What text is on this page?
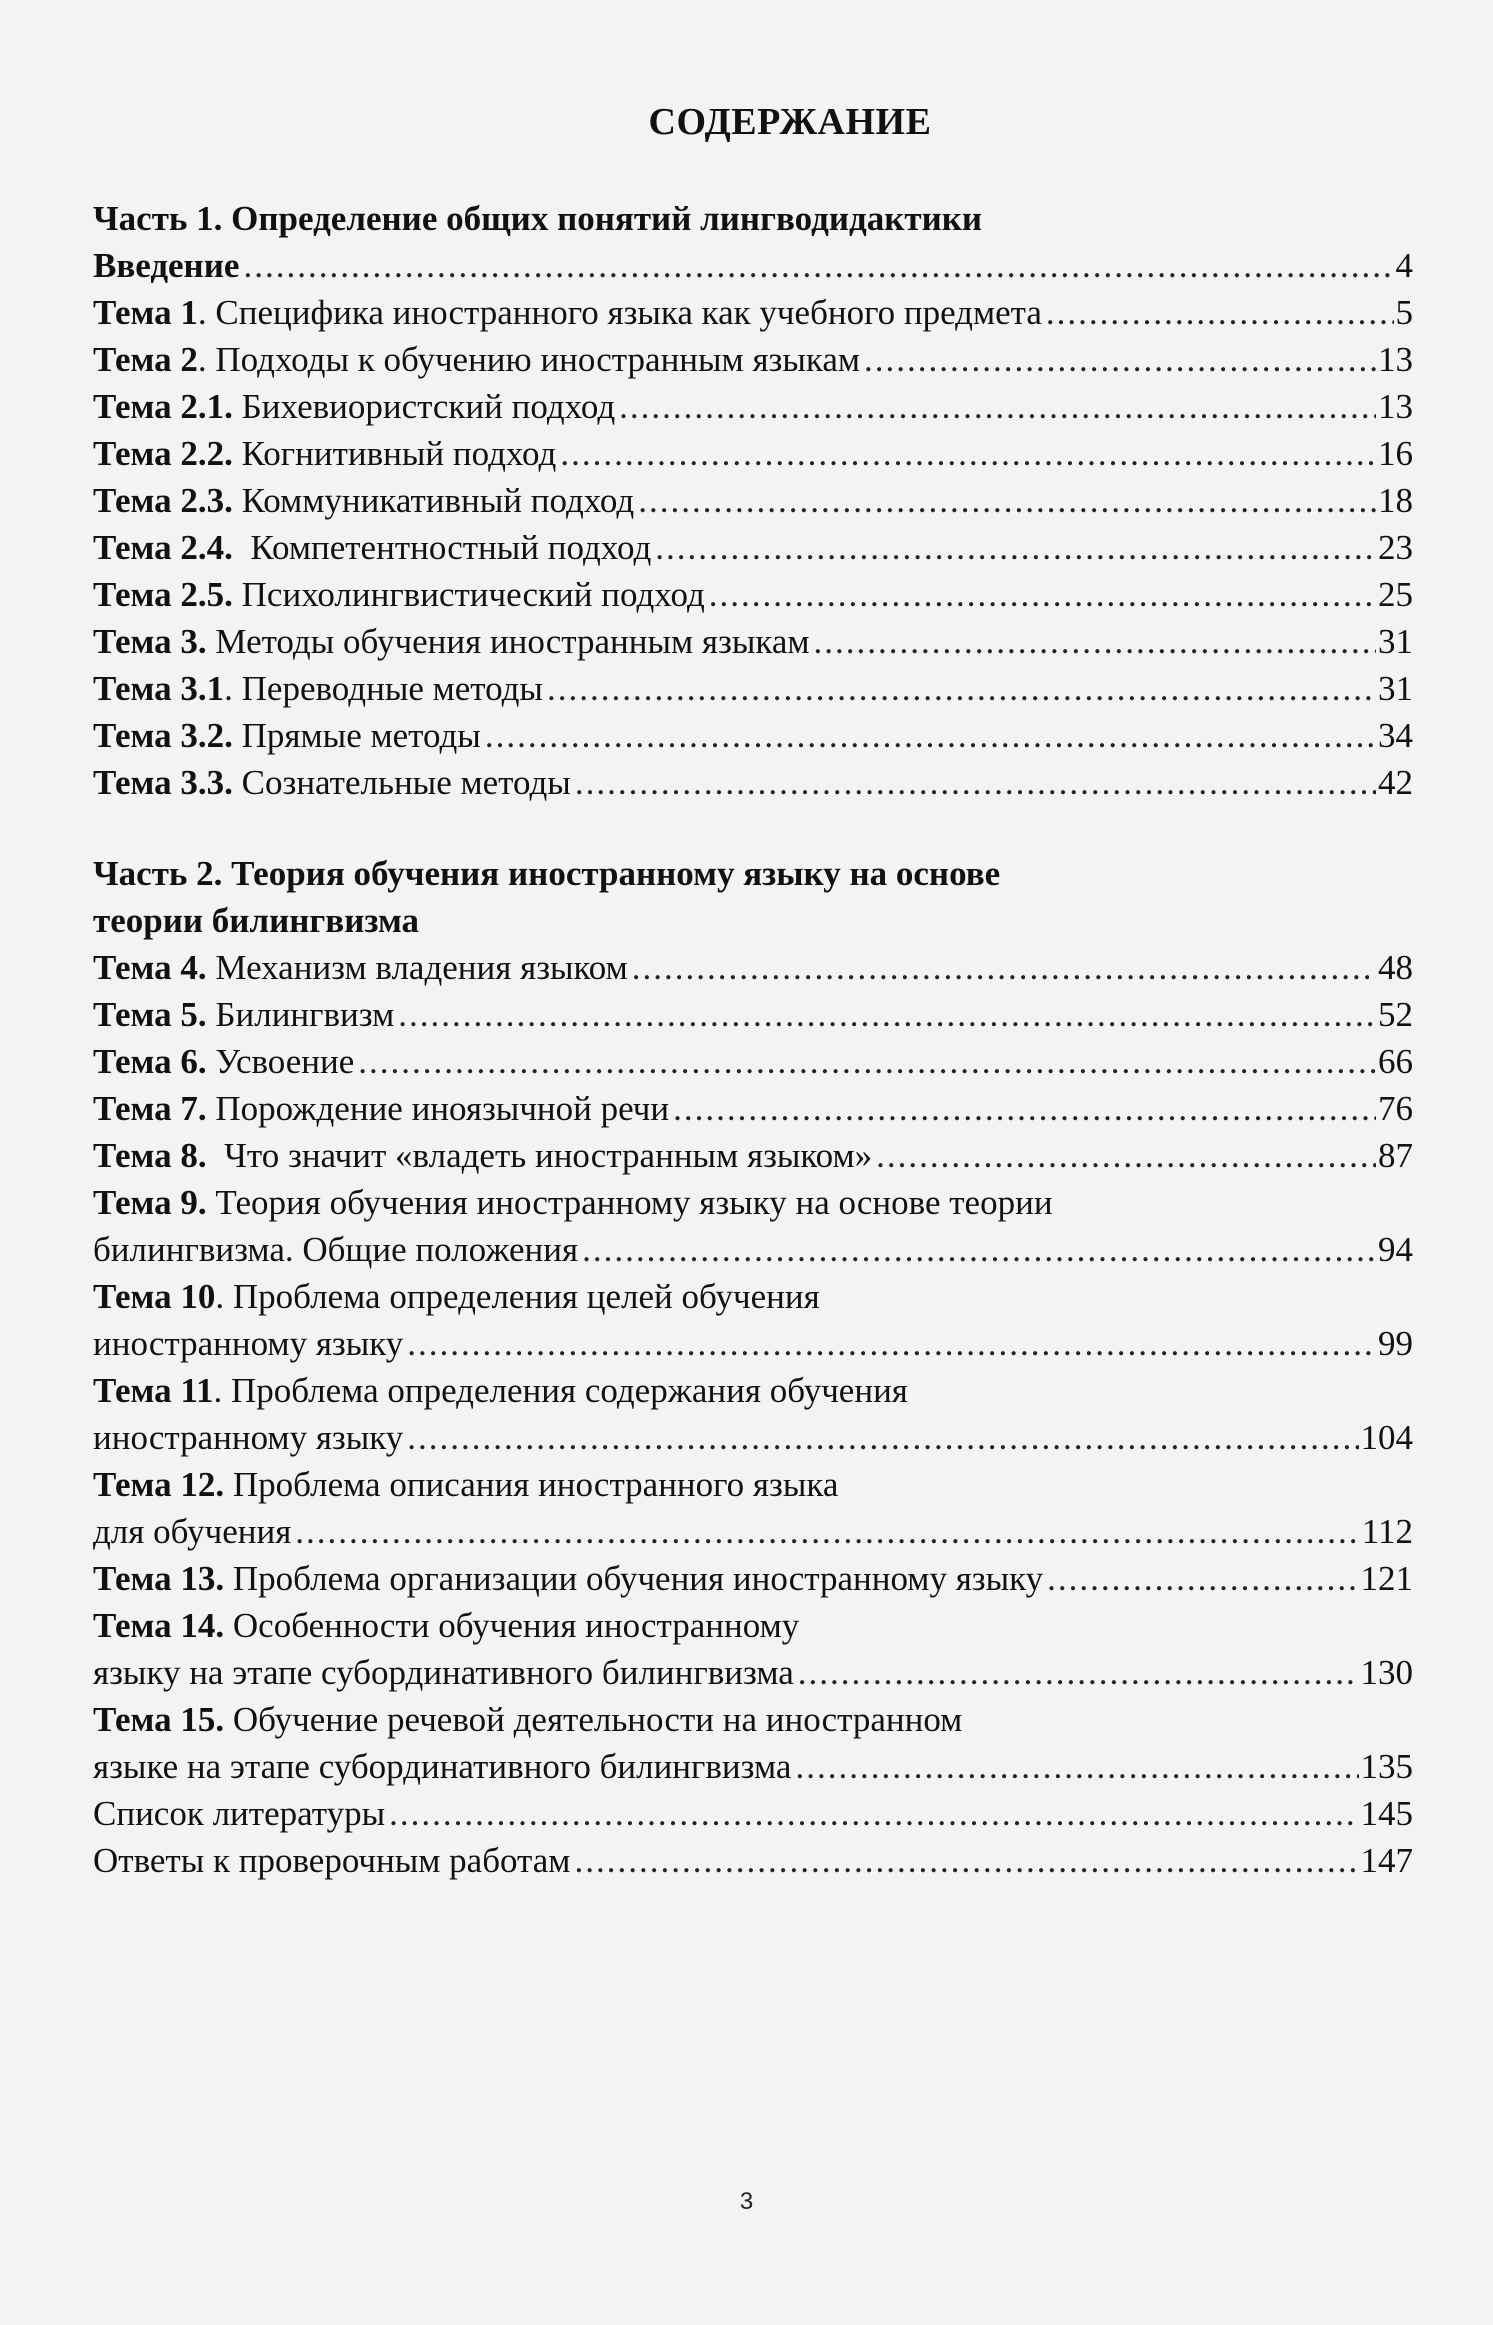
СОДЕРЖАНИЕ
Часть 1. Определение общих понятий лингводидактики
Введение .....	4
Тема 1. Специфика иностранного языка как учебного предмета .....	5
Тема 2. Подходы к обучению иностранным языкам .....	13
Тема 2.1. Бихевиористский подход .....	13
Тема 2.2. Когнитивный подход .....	16
Тема 2.3. Коммуникативный подход .....	18
Тема 2.4.  Компетентностный подход .....	23
Тема 2.5. Психолингвистический подход .....	25
Тема 3. Методы обучения иностранным языкам .....	31
Тема 3.1. Переводные методы .....	31
Тема 3.2. Прямые методы .....	34
Тема 3.3. Сознательные методы .....	42
Часть 2. Теория обучения иностранному языку на основе
теории билингвизма
Тема 4. Механизм владения языком .....	48
Тема 5. Билингвизм .....	52
Тема 6. Усвоение .....	66
Тема 7. Порождение иноязычной речи .....	76
Тема 8.  Что значит «владеть иностранным языком» .....	87
Тема 9. Теория обучения иностранному языку на основе теории
билингвизма. Общие положения .....	94
Тема 10. Проблема определения целей обучения
иностранному языку .....	99
Тема 11. Проблема определения содержания обучения
иностранному языку .....	104
Тема 12. Проблема описания иностранного языка
для обучения .....	112
Тема 13. Проблема организации обучения иностранному языку .....	121
Тема 14. Особенности обучения иностранному
языку на этапе субординативного билингвизма .....	130
Тема 15. Обучение речевой деятельности на иностранном
языке на этапе субординативного билингвизма .....	135
Список литературы .....	145
Ответы к проверочным работам .....	147
3
